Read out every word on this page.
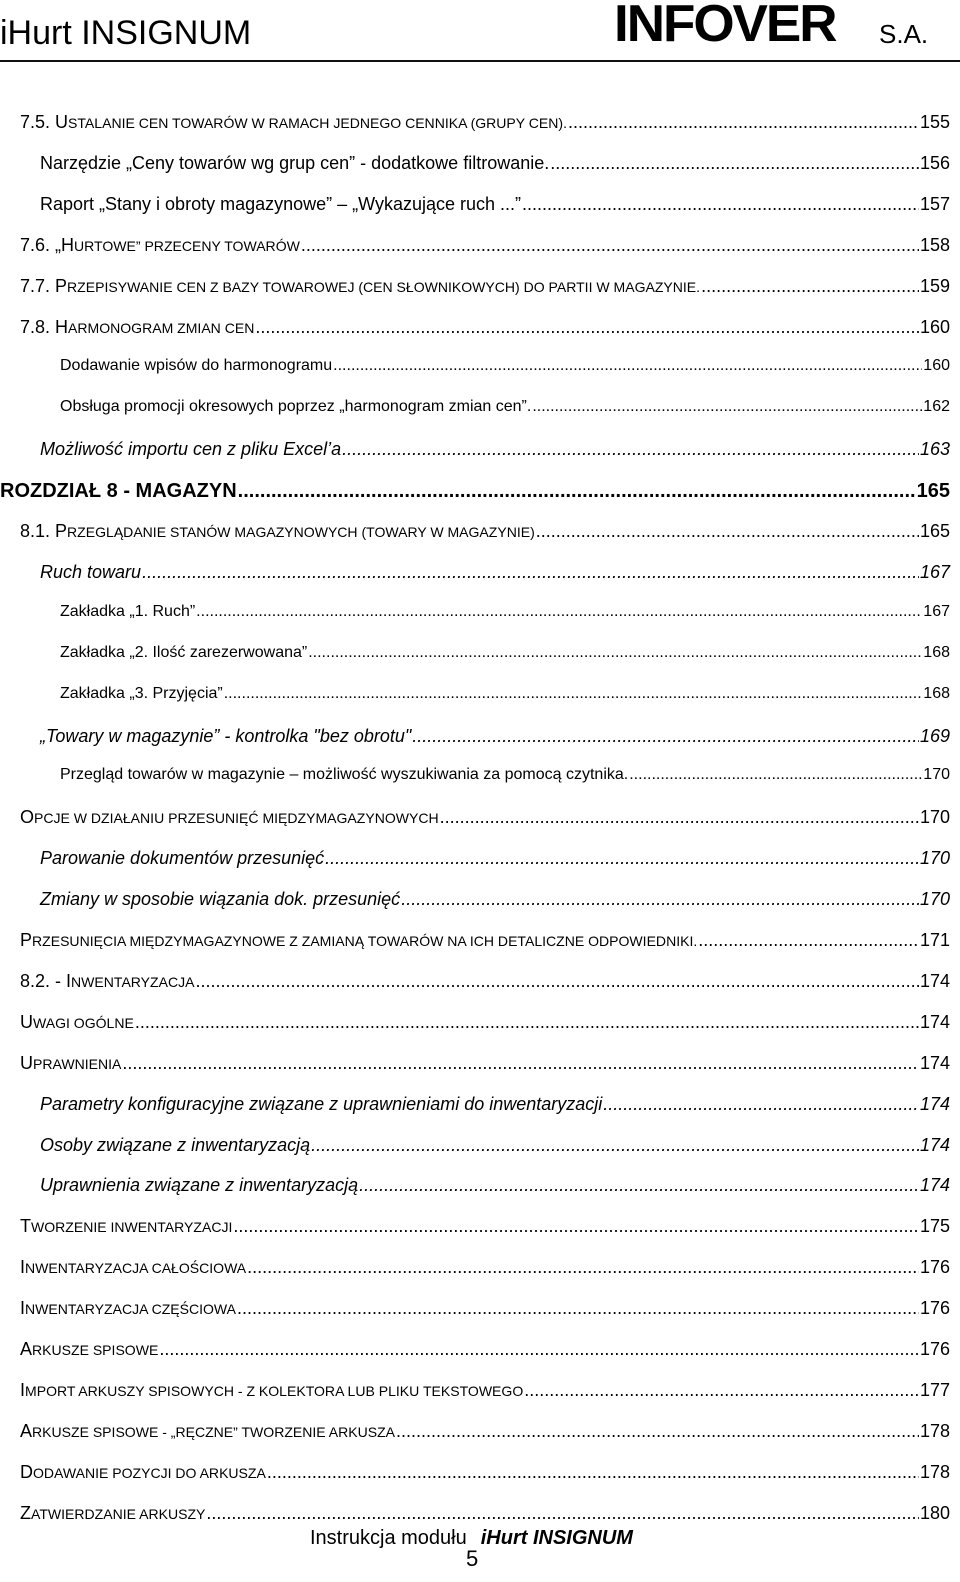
iHurt INSIGNUM	INFOVER S.A.
7.5. USTALANIE CEN TOWARÓW W RAMACH JEDNEGO CENNIKA (GRUPY CEN). .....	155
Narzędzie „Ceny towarów wg grup cen” - dodatkowe filtrowanie. .....	156
Raport „Stany i obroty magazynowe” – „Wykazujące ruch ...” .....	157
7.6. „HURTOWE” PRZECENY TOWARÓW .....	158
7.7. PRZEPISYWANIE CEN Z BAZY TOWAROWEJ (CEN SŁOWNIKOWYCH) DO PARTII W MAGAZYNIE. .....	159
7.8. HARMONOGRAM ZMIAN CEN .....	160
Dodawanie wpisów do harmonogramu .....	160
Obsługa promocji okresowych poprzez „harmonogram zmian cen”. .....	162
Możliwość importu cen z pliku Excel’a .....	163
ROZDZIAŁ 8 - MAGAZYN .....	165
8.1. PRZEGLĄDANIE STANÓW MAGAZYNOWYCH (TOWARY W MAGAZYNIE) .....	165
Ruch towaru .....	167
Zakładka „1. Ruch” .....	167
Zakładka „2. Ilość zarezerwowana” .....	168
Zakładka „3. Przyjęcia” .....	168
„Towary w magazynie” - kontrolka "bez obrotu" .....	169
Przegląd towarów w magazynie – możliwość wyszukiwania za pomocą czytnika. .....	170
OPCJE W DZIAŁANIU PRZESUNIĘĆ MIĘDZYMAGAZYNOWYCH .....	170
Parowanie dokumentów przesunięć .....	170
Zmiany w sposobie wiązania dok. przesunięć .....	170
PRZESUNIĘCIA MIĘDZYMAGAZYNOWE Z ZAMIANĄ TOWARÓW NA ICH DETALICZNE ODPOWIEDNIKI. .....	171
8.2. - INWENTARYZACJA .....	174
UWAGI OGÓLNE .....	174
UPRAWNIENIA .....	174
Parametry konfiguracyjne związane z uprawnieniami do inwentaryzacji .....	174
Osoby związane z inwentaryzacją .....	174
Uprawnienia związane z inwentaryzacją .....	174
TWORZENIE INWENTARYZACJI .....	175
INWENTARYZACJA CAŁOŚCIOWA .....	176
INWENTARYZACJA CZĘŚCIOWA .....	176
ARKUSZE SPISOWE .....	176
IMPORT ARKUSZY SPISOWYCH - Z KOLEKTORA LUB PLIKU TEKSTOWEGO .....	177
ARKUSZE SPISOWE - „RĘCZNE” TWORZENIE ARKUSZA .....	178
DODAWANIE POZYCJI DO ARKUSZA .....	178
ZATWIERDZANIE ARKUSZY .....	180
Instrukcja modułu iHurt INSIGNUM
5
